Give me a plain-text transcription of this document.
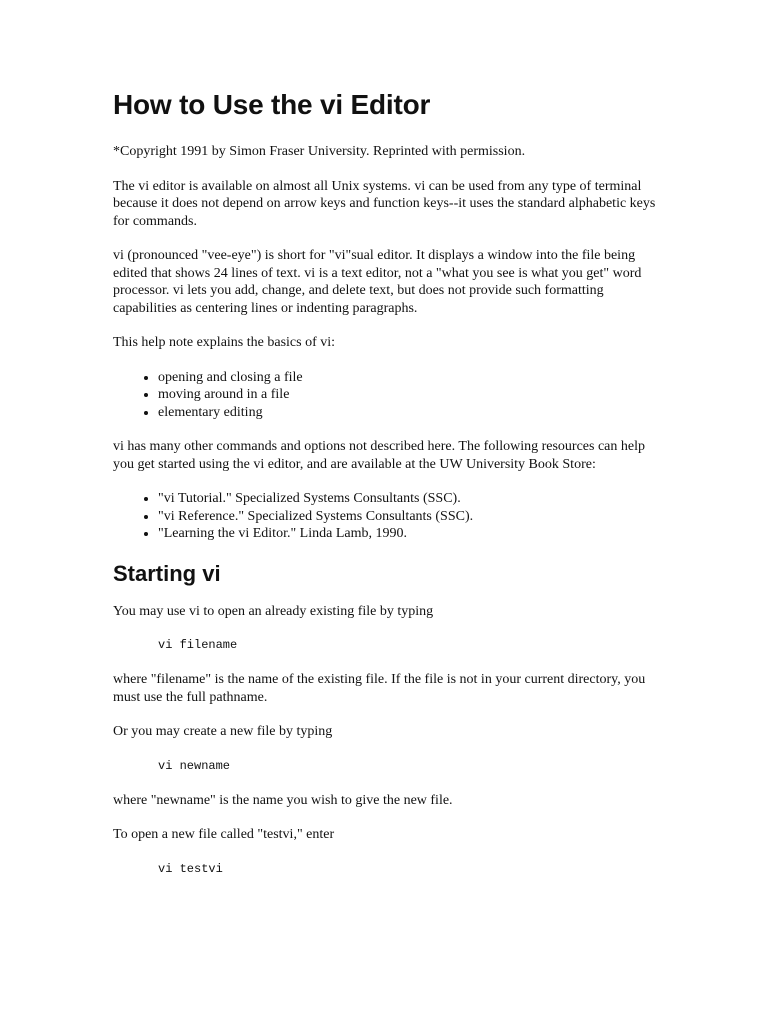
How to Use the vi Editor

*Copyright 1991 by Simon Fraser University. Reprinted with permission.

The vi editor is available on almost all Unix systems. vi can be used from any type of terminal because it does not depend on arrow keys and function keys--it uses the standard alphabetic keys for commands.

vi (pronounced "vee-eye") is short for "vi"sual editor. It displays a window into the file being edited that shows 24 lines of text. vi is a text editor, not a "what you see is what you get" word processor. vi lets you add, change, and delete text, but does not provide such formatting capabilities as centering lines or indenting paragraphs.

This help note explains the basics of vi:

• opening and closing a file
• moving around in a file
• elementary editing

vi has many other commands and options not described here. The following resources can help you get started using the vi editor, and are available at the UW University Book Store:

• "vi Tutorial." Specialized Systems Consultants (SSC).
• "vi Reference." Specialized Systems Consultants (SSC).
• "Learning the vi Editor." Linda Lamb, 1990.
Starting vi

You may use vi to open an already existing file by typing

vi filename

where "filename" is the name of the existing file. If the file is not in your current directory, you must use the full pathname.

Or you may create a new file by typing

vi newname

where "newname" is the name you wish to give the new file.

To open a new file called "testvi," enter

vi testvi
